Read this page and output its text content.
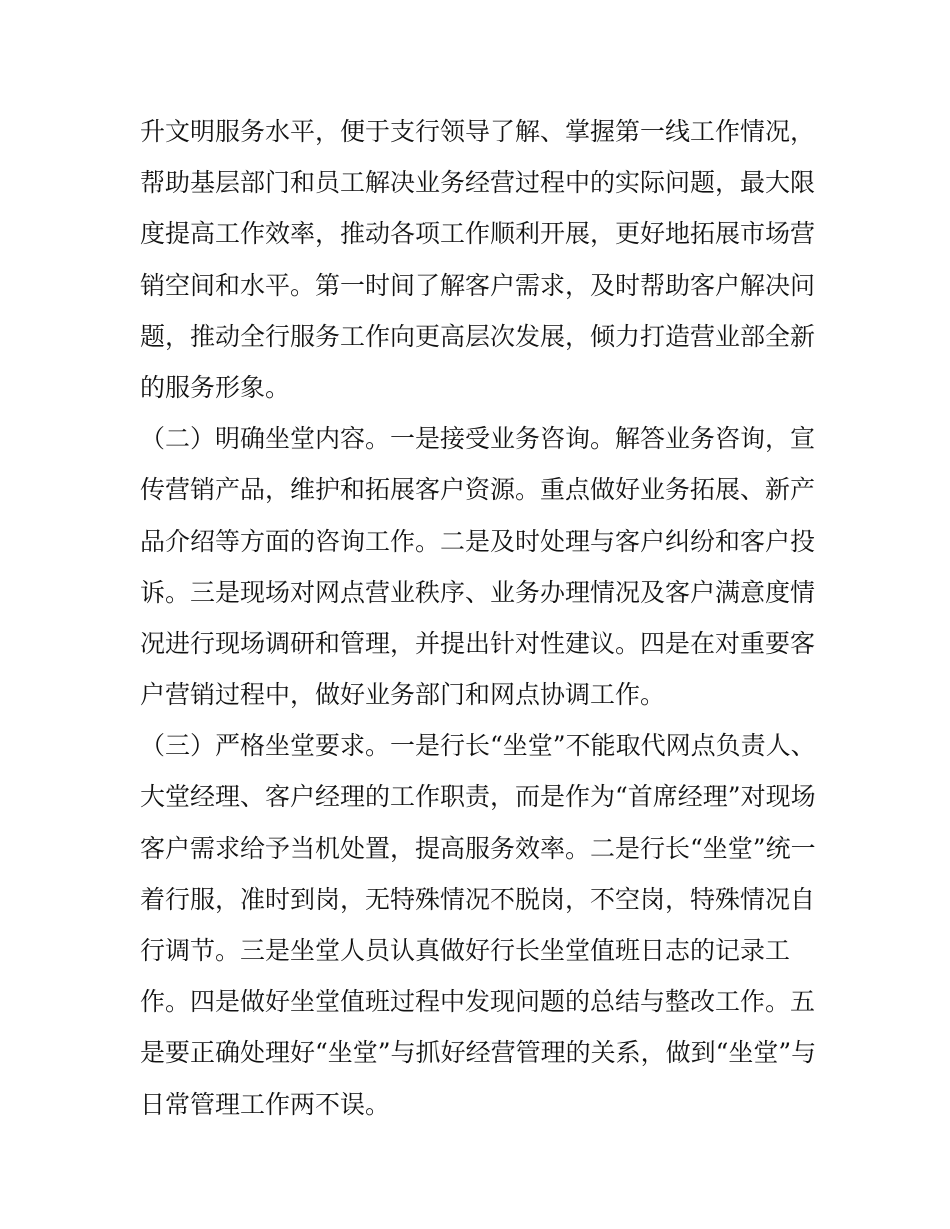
升文明服务水平，便于支行领导了解、掌握第一线工作情况，
帮助基层部门和员工解决业务经营过程中的实际问题，最大限
度提高工作效率，推动各项工作顺利开展，更好地拓展市场营
销空间和水平。第一时间了解客户需求，及时帮助客户解决问
题，推动全行服务工作向更高层次发展，倾力打造营业部全新
的服务形象。
（二）明确坐堂内容。一是接受业务咨询。解答业务咨询，宣
传营销产品，维护和拓展客户资源。重点做好业务拓展、新产
品介绍等方面的咨询工作。二是及时处理与客户纠纷和客户投
诉。三是现场对网点营业秩序、业务办理情况及客户满意度情
况进行现场调研和管理，并提出针对性建议。四是在对重要客
户营销过程中，做好业务部门和网点协调工作。
（三）严格坐堂要求。一是行长“坐堂”不能取代网点负责人、
大堂经理、客户经理的工作职责，而是作为“首席经理”对现场
客户需求给予当机处置，提高服务效率。二是行长“坐堂”统一
着行服，准时到岗，无特殊情况不脱岗，不空岗，特殊情况自
行调节。三是坐堂人员认真做好行长坐堂值班日志的记录工
作。四是做好坐堂值班过程中发现问题的总结与整改工作。五
是要正确处理好“坐堂”与抓好经营管理的关系，做到“坐堂”与
日常管理工作两不误。
